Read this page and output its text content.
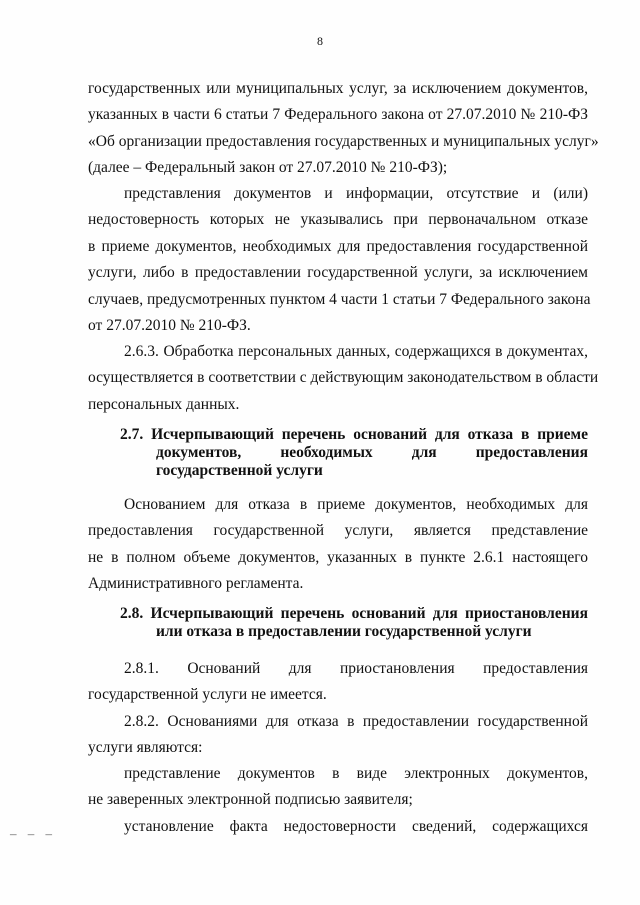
8
государственных или муниципальных услуг, за исключением документов,
указанных в части 6 статьи 7 Федерального закона от 27.07.2010 № 210-ФЗ
«Об организации предоставления государственных и муниципальных услуг»
(далее – Федеральный закон от 27.07.2010 № 210-ФЗ);
представления документов и информации, отсутствие и (или)
недостоверность которых не указывались при первоначальном отказе
в приеме документов, необходимых для предоставления государственной
услуги, либо в предоставлении государственной услуги, за исключением
случаев, предусмотренных пунктом 4 части 1 статьи 7 Федерального закона
от 27.07.2010 № 210-ФЗ.
2.6.3. Обработка персональных данных, содержащихся в документах,
осуществляется в соответствии с действующим законодательством в области
персональных данных.
2.7. Исчерпывающий перечень оснований для отказа в приеме
документов, необходимых для предоставления
государственной услуги
Основанием для отказа в приеме документов, необходимых для
предоставления государственной услуги, является представление
не в полном объеме документов, указанных в пункте 2.6.1 настоящего
Административного регламента.
2.8. Исчерпывающий перечень оснований для приостановления
или отказа в предоставлении государственной услуги
2.8.1. Оснований для приостановления предоставления
государственной услуги не имеется.
2.8.2. Основаниями для отказа в предоставлении государственной
услуги являются:
представление документов в виде электронных документов,
не заверенных электронной подписью заявителя;
установление факта недостоверности сведений, содержащихся
– – –
